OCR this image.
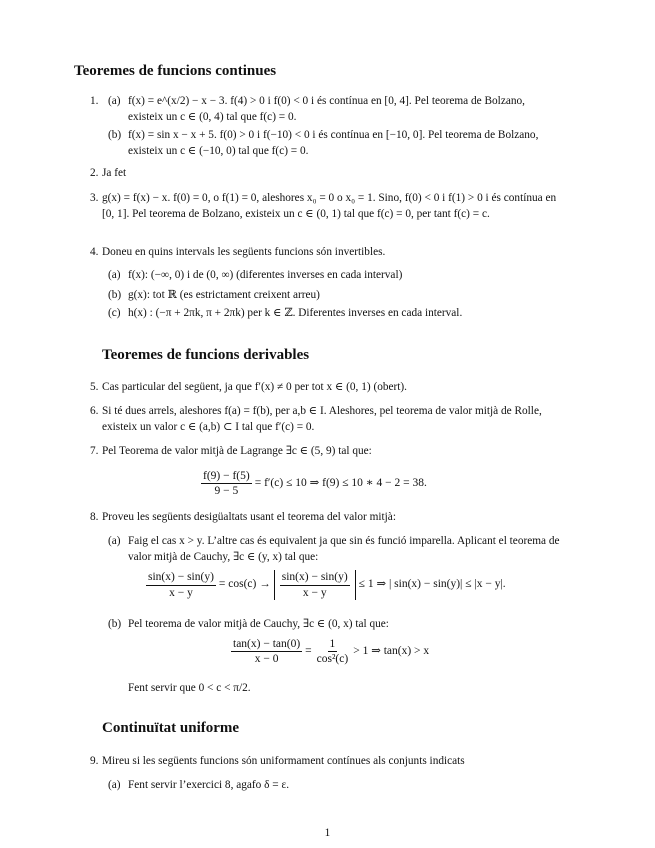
Teoremes de funcions continues
1. (a) f(x) = e^(x/2) − x − 3. f(4) > 0 i f(0) < 0 i és contínua en [0, 4]. Pel teorema de Bolzano, existeix un c ∈ (0, 4) tal que f(c) = 0.

(b) f(x) = sin x − x + 5. f(0) > 0 i f(−10) < 0 i és contínua en [−10, 0]. Pel teorema de Bolzano, existeix un c ∈ (−10, 0) tal que f(c) = 0.

2. Ja fet

3. g(x) = f(x) − x. f(0) = 0, o f(1) = 0, aleshores x₀ = 0 o x₀ = 1. Sino, f(0) < 0 i f(1) > 0 i és contínua en [0, 1]. Pel teorema de Bolzano, existeix un c ∈ (0, 1) tal que f(c) = 0, per tant f(c) = c.

4. Doneu en quins intervals les següents funcions són invertibles.

(a) f(x): (−∞, 0) i de (0, ∞) (diferentes inverses en cada interval)

(b) g(x): tot ℝ (es estrictament creixent arreu)

(c) h(x) : (−π + 2πk, π + 2πk) per k ∈ ℤ. Diferentes inverses en cada interval.

Teoremes de funcions derivables
5. Cas particular del següent, ja que f′(x) ≠ 0 per tot x ∈ (0, 1) (obert).

6. Si té dues arrels, aleshores f(a) = f(b), per a,b ∈ I. Aleshores, pel teorema de valor mitjà de Rolle, existeix un valor c ∈ (a,b) ⊂ I tal que f′(c) = 0.

7. Pel Teorema de valor mitjà de Lagrange ∃c ∈ (5, 9) tal que:

$\frac{f(9) - f(5)}{9 - 5} = f'(c) \le 10$ ⇒ f(9) ≤ 10 ∗ 4 − 2 = 38.
8. Proveu les següents desigüaltats usant el teorema del valor mitjà:

(a) Faig el cas x > y. L’altre cas és equivalent ja que sin és funció imparella. Aplicant el teorema de valor mitjà de Cauchy, ∃c ∈ (y, x) tal que:

$\frac{\sin(x) - \sin(y)}{x - y} = \cos(c) \to \frac{\sin(x) - \sin(y)}{x - y} \le 1$ ⇒ | sin(x) − sin(y)| ≤ |x − y|.
(b) Pel teorema de valor mitjà de Cauchy, ∃c ∈ (0, x) tal que:

$\frac{\tan(x) - \tan(0)}{x - 0} = \frac{1}{\text{cos²(c)}} > 1$ ⇒ tan(x) > x

Fent servir que 0 < c < π/2.

Continuïtat uniforme
9. Mireu si les següents funcions són uniformament contínues als conjunts indicats

(a) Fent servir l’exercici 8, agafo δ = ε.

1
